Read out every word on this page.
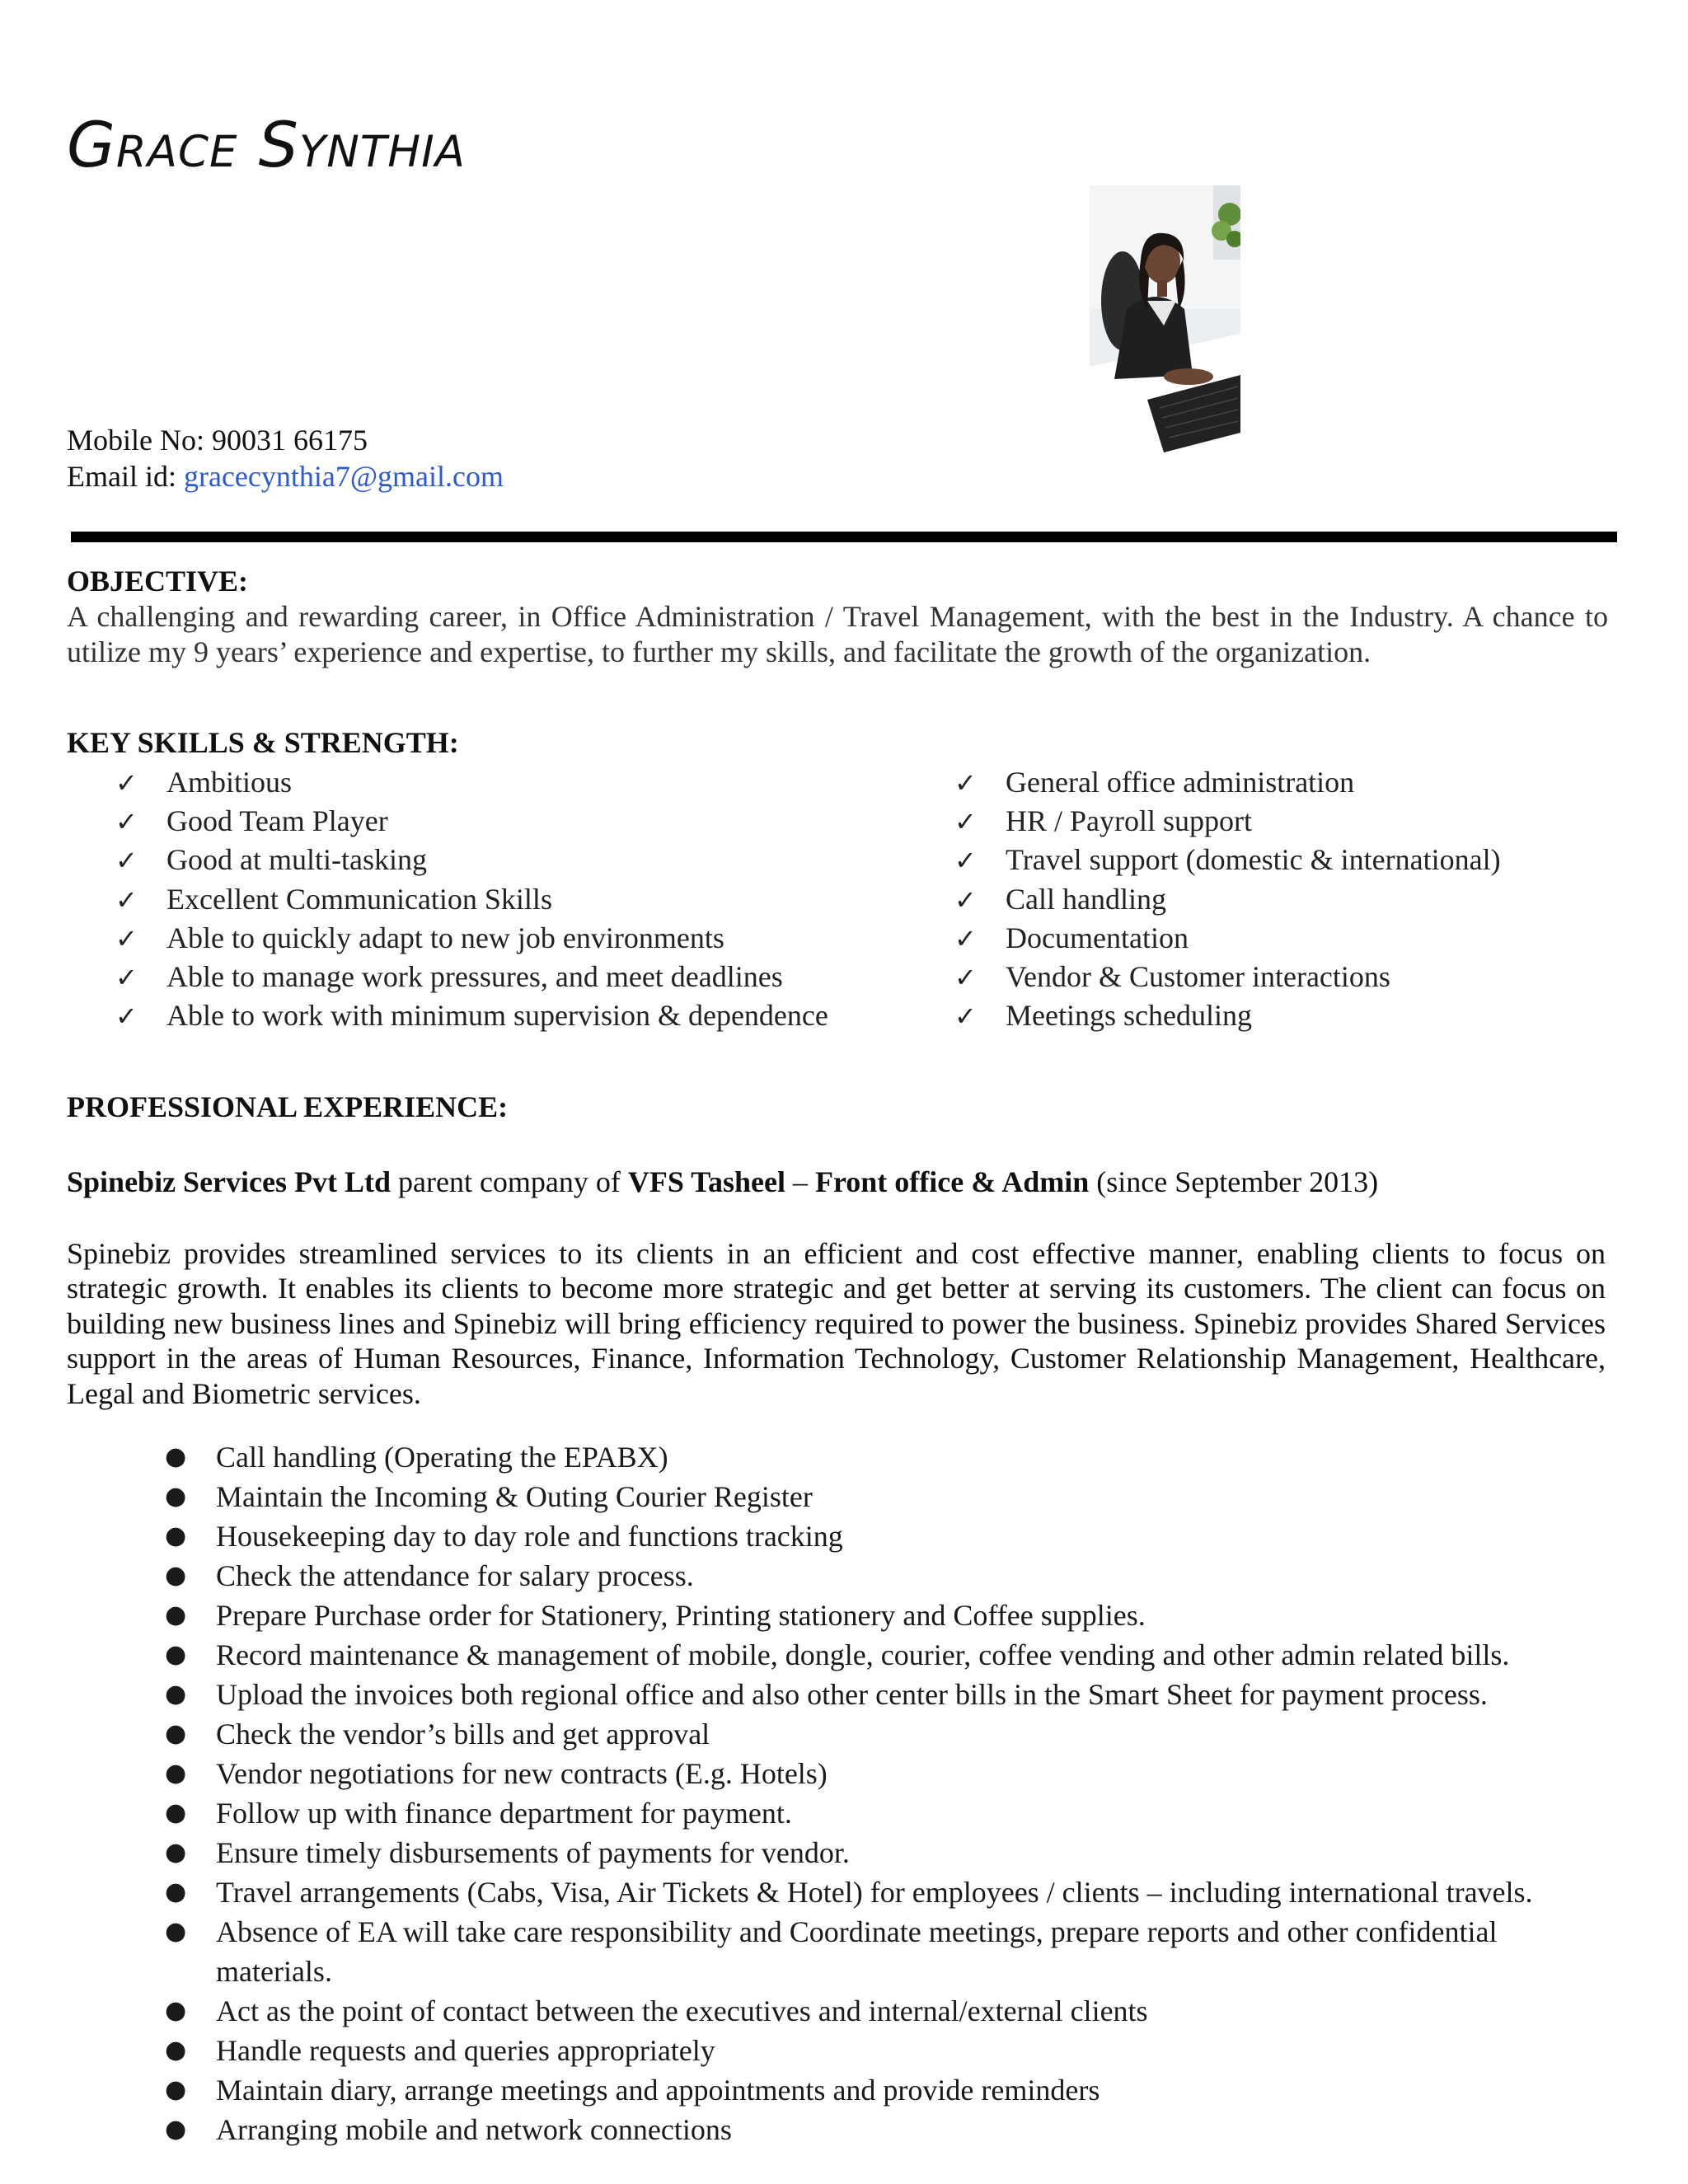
Grace Synthia
Mobile No: 90031 66175
Email id: gracecynthia7@gmail.com
OBJECTIVE:
A challenging and rewarding career, in Office Administration / Travel Management, with the best in the Industry. A chance to utilize my 9 years’ experience and expertise, to further my skills, and facilitate the growth of the organization.
KEY SKILLS & STRENGTH:
✓ Ambitious
✓ Good Team Player
✓ Good at multi-tasking
✓ Excellent Communication Skills
✓ Able to quickly adapt to new job environments
✓ Able to manage work pressures, and meet deadlines
✓ Able to work with minimum supervision & dependence
✓ General office administration
✓ HR / Payroll support
✓ Travel support (domestic & international)
✓ Call handling
✓ Documentation
✓ Vendor & Customer interactions
✓ Meetings scheduling
PROFESSIONAL EXPERIENCE:
Spinebiz Services Pvt Ltd parent company of VFS Tasheel – Front office & Admin (since September 2013)
Spinebiz provides streamlined services to its clients in an efficient and cost effective manner, enabling clients to focus on strategic growth. It enables its clients to become more strategic and get better at serving its customers. The client can focus on building new business lines and Spinebiz will bring efficiency required to power the business. Spinebiz provides Shared Services support in the areas of Human Resources, Finance, Information Technology, Customer Relationship Management, Healthcare, Legal and Biometric services.
● Call handling (Operating the EPABX)
● Maintain the Incoming & Outing Courier Register
● Housekeeping day to day role and functions tracking
● Check the attendance for salary process.
● Prepare Purchase order for Stationery, Printing stationery and Coffee supplies.
● Record maintenance & management of mobile, dongle, courier, coffee vending and other admin related bills.
● Upload the invoices both regional office and also other center bills in the Smart Sheet for payment process.
● Check the vendor’s bills and get approval
● Vendor negotiations for new contracts (E.g. Hotels)
● Follow up with finance department for payment.
● Ensure timely disbursements of payments for vendor.
● Travel arrangements (Cabs, Visa, Air Tickets & Hotel) for employees / clients – including international travels.
● Absence of EA will take care responsibility and Coordinate meetings, prepare reports and other confidential materials.
● Act as the point of contact between the executives and internal/external clients
● Handle requests and queries appropriately
● Maintain diary, arrange meetings and appointments and provide reminders
● Arranging mobile and network connections
